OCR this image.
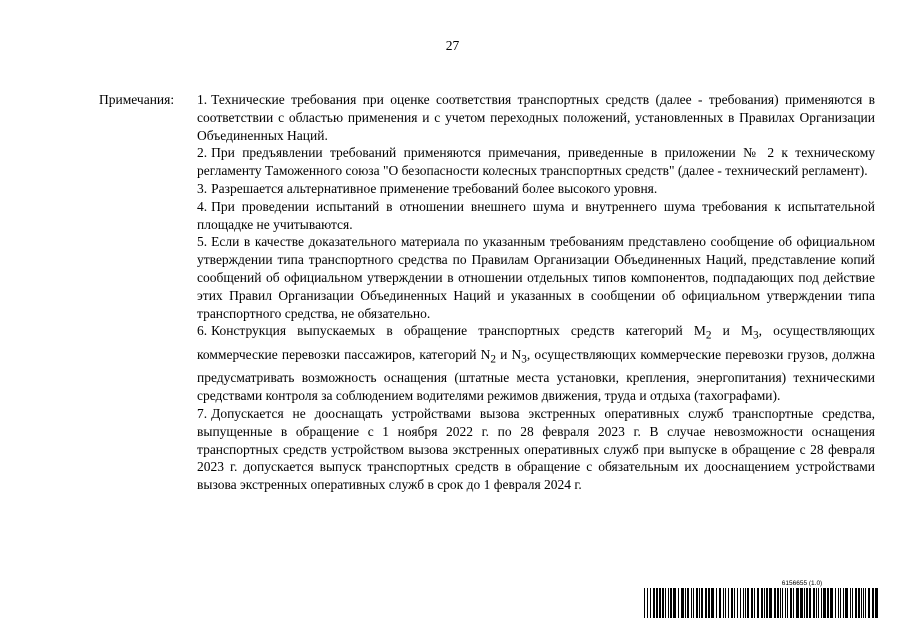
27
Примечания: 1. Технические требования при оценке соответствия транспортных средств (далее - требования) применяются в соответствии с областью применения и с учетом переходных положений, установленных в Правилах Организации Объединенных Наций.

2. При предъявлении требований применяются примечания, приведенные в приложении № 2 к техническому регламенту Таможенного союза "О безопасности колесных транспортных средств" (далее - технический регламент).

3. Разрешается альтернативное применение требований более высокого уровня.

4. При проведении испытаний в отношении внешнего шума и внутреннего шума требования к испытательной площадке не учитываются.

5. Если в качестве доказательного материала по указанным требованиям представлено сообщение об официальном утверждении типа транспортного средства по Правилам Организации Объединенных Наций, представление копий сообщений об официальном утверждении в отношении отдельных типов компонентов, подпадающих под действие этих Правил Организации Объединенных Наций и указанных в сообщении об официальном утверждении типа транспортного средства, не обязательно.

6. Конструкция выпускаемых в обращение транспортных средств категорий $М_2$ и $М_3$, осуществляющих коммерческие перевозки пассажиров, категорий $N_2$ и $N_3$, осуществляющих коммерческие перевозки грузов, должна предусматривать возможность оснащения (штатные места установки, крепления, энергопитания) техническими средствами контроля за соблюдением водителями режимов движения, труда и отдыха (тахографами).

7. Допускается не дооснащать устройствами вызова экстренных оперативных служб транспортные средства, выпущенные в обращение с 1 ноября 2022 г. по 28 февраля 2023 г. В случае невозможности оснащения транспортных средств устройством вызова экстренных оперативных служб при выпуске в обращение с 28 февраля 2023 г. допускается выпуск транспортных средств в обращение с обязательным их дооснащением устройствами вызова экстренных оперативных служб в срок до 1 февраля 2024 г.

6156655 (1.0)
